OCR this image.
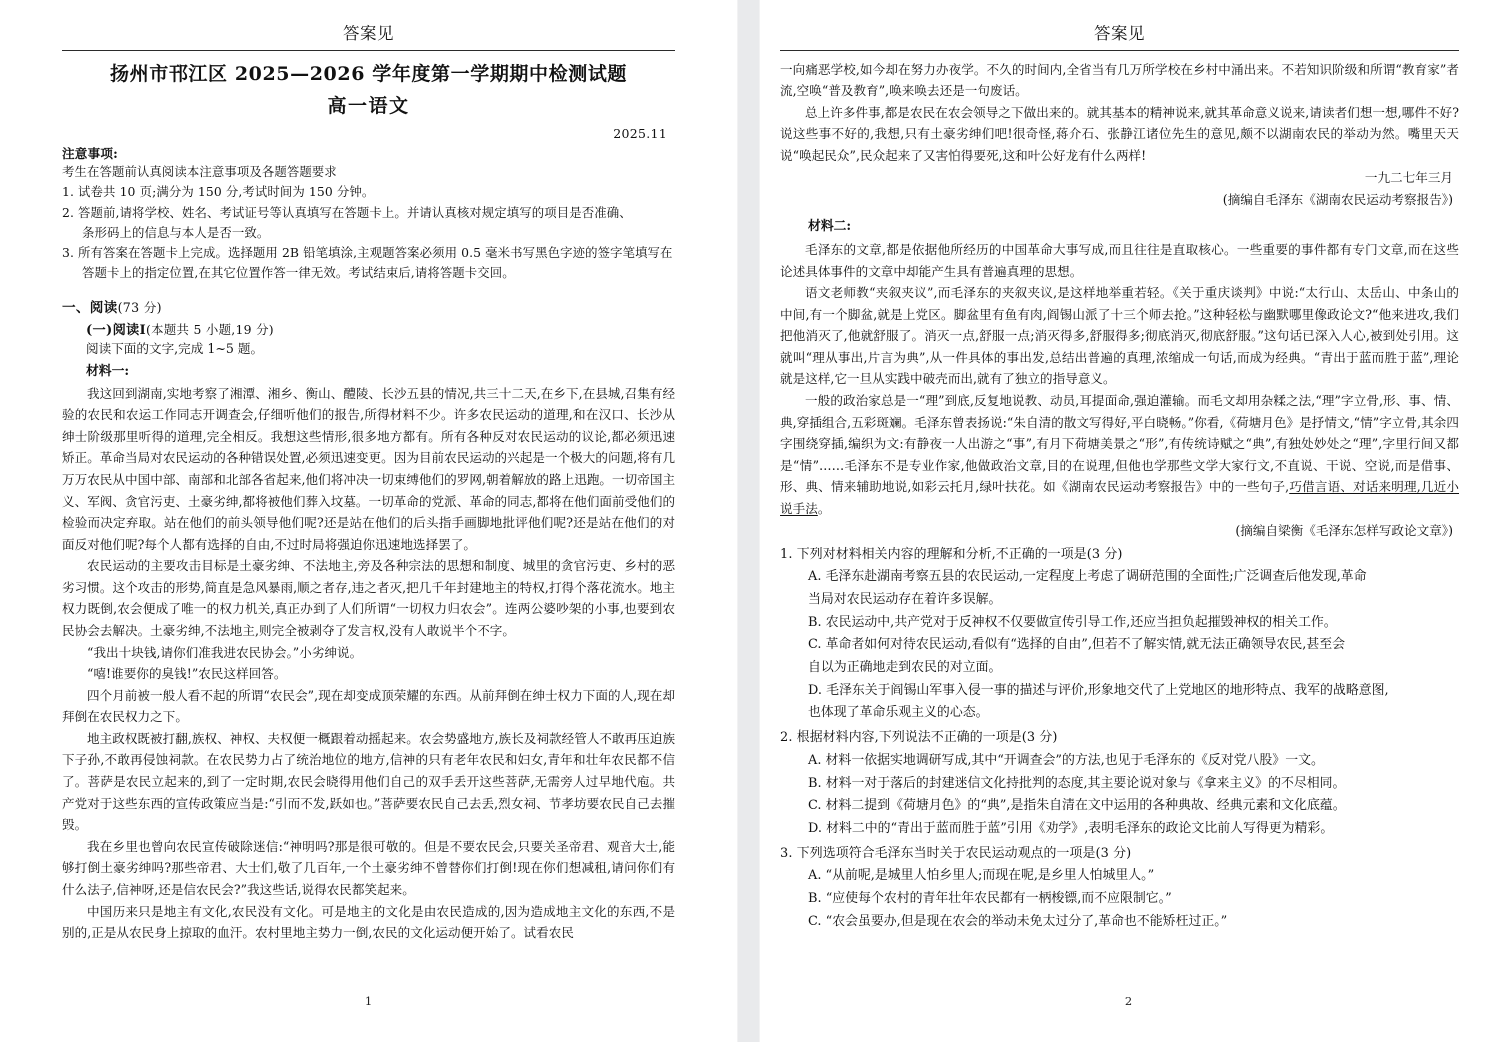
答案见
扬州市邗江区 2025—2026 学年度第一学期期中检测试题
高一语文
2025.11
注意事项:
考生在答题前认真阅读本注意事项及各题答题要求
1. 试卷共 10 页;满分为 150 分,考试时间为 150 分钟。
2. 答题前,请将学校、姓名、考试证号等认真填写在答题卡上。并请认真核对规定填写的项目是否准确、
条形码上的信息与本人是否一致。
3. 所有答案在答题卡上完成。选择题用 2B 铅笔填涂,主观题答案必须用 0.5 毫米书写黑色字迹的签字笔填写在
答题卡上的指定位置,在其它位置作答一律无效。考试结束后,请将答题卡交回。
一、阅读(73 分)
(一)阅读Ⅰ(本题共 5 小题,19 分)
阅读下面的文字,完成 1~5 题。
材料一:

我这回到湖南,实地考察了湘潭、湘乡、衡山、醴陵、长沙五县的情况,共三十二天,在乡下,在县城,召集有经验的农民和农运工作同志开调查会,仔细听他们的报告,所得材料不少。许多农民运动的道理,和在汉口、长沙从绅士阶级那里听得的道理,完全相反。我想这些情形,很多地方都有。所有各种反对农民运动的议论,都必须迅速矫正。革命当局对农民运动的各种错误处置,必须迅速变更。因为目前农民运动的兴起是一个极大的问题,将有几万万农民从中国中部、南部和北部各省起来,他们将冲决一切束缚他们的罗网,朝着解放的路上迅跑。一切帝国主义、军阀、贪官污吏、土豪劣绅,都将被他们葬入坟墓。一切革命的党派、革命的同志,都将在他们面前受他们的检验而决定弃取。站在他们的前头领导他们呢?还是站在他们的后头指手画脚地批评他们呢?还是站在他们的对面反对他们呢?每个人都有选择的自由,不过时局将强迫你迅速地选择罢了。

农民运动的主要攻击目标是土豪劣绅、不法地主,旁及各种宗法的思想和制度、城里的贪官污吏、乡村的恶劣习惯。这个攻击的形势,简直是急风暴雨,顺之者存,违之者灭,把几千年封建地主的特权,打得个落花流水。地主权力既倒,农会便成了唯一的权力机关,真正办到了人们所谓“一切权力归农会”。连两公婆吵架的小事,也要到农民协会去解决。土豪劣绅,不法地主,则完全被剥夺了发言权,没有人敢说半个不字。

“我出十块钱,请你们准我进农民协会。”小劣绅说。

“嘻!谁要你的臭钱!”农民这样回答。

四个月前被一般人看不起的所谓“农民会”,现在却变成顶荣耀的东西。从前拜倒在绅士权力下面的人,现在却拜倒在农民权力之下。

地主政权既被打翻,族权、神权、夫权便一概跟着动摇起来。农会势盛地方,族长及祠款经管人不敢再压迫族下子孙,不敢再侵蚀祠款。在农民势力占了统治地位的地方,信神的只有老年农民和妇女,青年和壮年农民都不信了。菩萨是农民立起来的,到了一定时期,农民会晓得用他们自己的双手丢开这些菩萨,无需旁人过早地代庖。共产党对于这些东西的宣传政策应当是:“引而不发,跃如也。”菩萨要农民自己去丢,烈女祠、节孝坊要农民自己去摧毁。

我在乡里也曾向农民宣传破除迷信:“神明吗?那是很可敬的。但是不要农民会,只要关圣帝君、观音大士,能够打倒土豪劣绅吗?那些帝君、大士们,敬了几百年,一个土豪劣绅不曾替你们打倒!现在你们想减租,请问你们有什么法子,信神呀,还是信农民会?”我这些话,说得农民都笑起来。

中国历来只是地主有文化,农民没有文化。可是地主的文化是由农民造成的,因为造成地主文化的东西,不是别的,正是从农民身上掠取的血汗。农村里地主势力一倒,农民的文化运动便开始了。试看农民

1
答案见

一向痛恶学校,如今却在努力办夜学。不久的时间内,全省当有几万所学校在乡村中涌出来。不若知识阶级和所谓“教育家”者流,空唤“普及教育”,唤来唤去还是一句废话。

总上许多件事,都是农民在农会领导之下做出来的。就其基本的精神说来,就其革命意义说来,请读者们想一想,哪件不好?说这些事不好的,我想,只有土豪劣绅们吧!很奇怪,蒋介石、张静江诸位先生的意见,颇不以湖南农民的举动为然。嘴里天天说“唤起民众”,民众起来了又害怕得要死,这和叶公好龙有什么两样!

一九二七年三月
(摘编自毛泽东《湖南农民运动考察报告》)
材料二:

毛泽东的文章,都是依据他所经历的中国革命大事写成,而且往往是直取核心。一些重要的事件都有专门文章,而在这些论述具体事件的文章中却能产生具有普遍真理的思想。

语文老师教“夹叙夹议”,而毛泽东的夹叙夹议,是这样地举重若轻。《关于重庆谈判》中说:“太行山、太岳山、中条山的中间,有一个脚盆,就是上党区。脚盆里有鱼有肉,阎锡山派了十三个师去抢。”这种轻松与幽默哪里像政论文?“他来进攻,我们把他消灭了,他就舒服了。消灭一点,舒服一点;消灭得多,舒服得多;彻底消灭,彻底舒服。”这句话已深入人心,被到处引用。这就叫“理从事出,片言为典”,从一件具体的事出发,总结出普遍的真理,浓缩成一句话,而成为经典。“青出于蓝而胜于蓝”,理论就是这样,它一旦从实践中破壳而出,就有了独立的指导意义。

一般的政治家总是一“理”到底,反复地说教、动员,耳提面命,强迫灌输。而毛文却用杂糅之法,“理”字立骨,形、事、情、典,穿插组合,五彩斑斓。毛泽东曾表扬说:“朱自清的散文写得好,平白晓畅。”你看,《荷塘月色》是抒情文,“情”字立骨,其余四字围绕穿插,编织为文:有静夜一人出游之“事”,有月下荷塘美景之“形”,有传统诗赋之“典”,有独处妙处之“理”,字里行间又都是“情”……毛泽东不是专业作家,他做政治文章,目的在说理,但他也学那些文学大家行文,不直说、干说、空说,而是借事、形、典、情来辅助地说,如彩云托月,绿叶扶花。如《湖南农民运动考察报告》中的一些句子,巧借言语、对话来明理,几近小说手法。

(摘编自梁衡《毛泽东怎样写政论文章》)
1. 下列对材料相关内容的理解和分析,不正确的一项是(3 分)
A. 毛泽东赴湖南考察五县的农民运动,一定程度上考虑了调研范围的全面性;广泛调查后他发现,革命
当局对农民运动存在着许多误解。
B. 农民运动中,共产党对于反神权不仅要做宣传引导工作,还应当担负起摧毁神权的相关工作。
C. 革命者如何对待农民运动,看似有“选择的自由”,但若不了解实情,就无法正确领导农民,甚至会
自以为正确地走到农民的对立面。
D. 毛泽东关于阎锡山军事入侵一事的描述与评价,形象地交代了上党地区的地形特点、我军的战略意图,
也体现了革命乐观主义的心态。
2. 根据材料内容,下列说法不正确的一项是(3 分)
A. 材料一依据实地调研写成,其中“开调查会”的方法,也见于毛泽东的《反对党八股》一文。
B. 材料一对于落后的封建迷信文化持批判的态度,其主要论说对象与《拿来主义》的不尽相同。
C. 材料二提到《荷塘月色》的“典”,是指朱自清在文中运用的各种典故、经典元素和文化底蕴。
D. 材料二中的“青出于蓝而胜于蓝”引用《劝学》,表明毛泽东的政论文比前人写得更为精彩。
3. 下列选项符合毛泽东当时关于农民运动观点的一项是(3 分)
A. “从前呢,是城里人怕乡里人;而现在呢,是乡里人怕城里人。”
B. “应使每个农村的青年壮年农民都有一柄梭镖,而不应限制它。”
C. “农会虽要办,但是现在农会的举动未免太过分了,革命也不能矫枉过正。”
2
